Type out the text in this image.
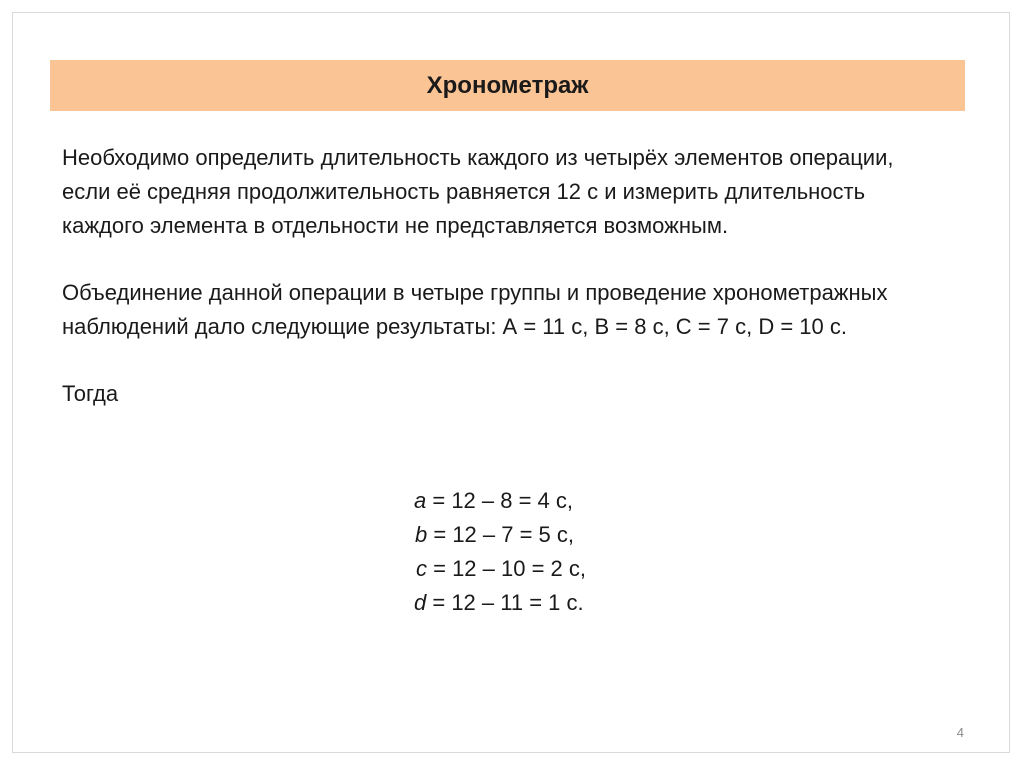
Хронометраж

Необходимо определить длительность каждого из четырёх элементов операции, если её средняя продолжительность равняется 12 с и измерить длительность каждого элемента в отдельности не представляется возможным.

Объединение данной операции в четыре группы и проведение хронометражных наблюдений дало следующие результаты: А = 11 с, В = 8 с, С = 7 с, D = 10 с.

Тогда

a = 12 – 8 = 4 с,

b = 12 – 7 = 5 с,

c = 12 – 10 = 2 с,

d = 12 – 11 = 1 с.

4
